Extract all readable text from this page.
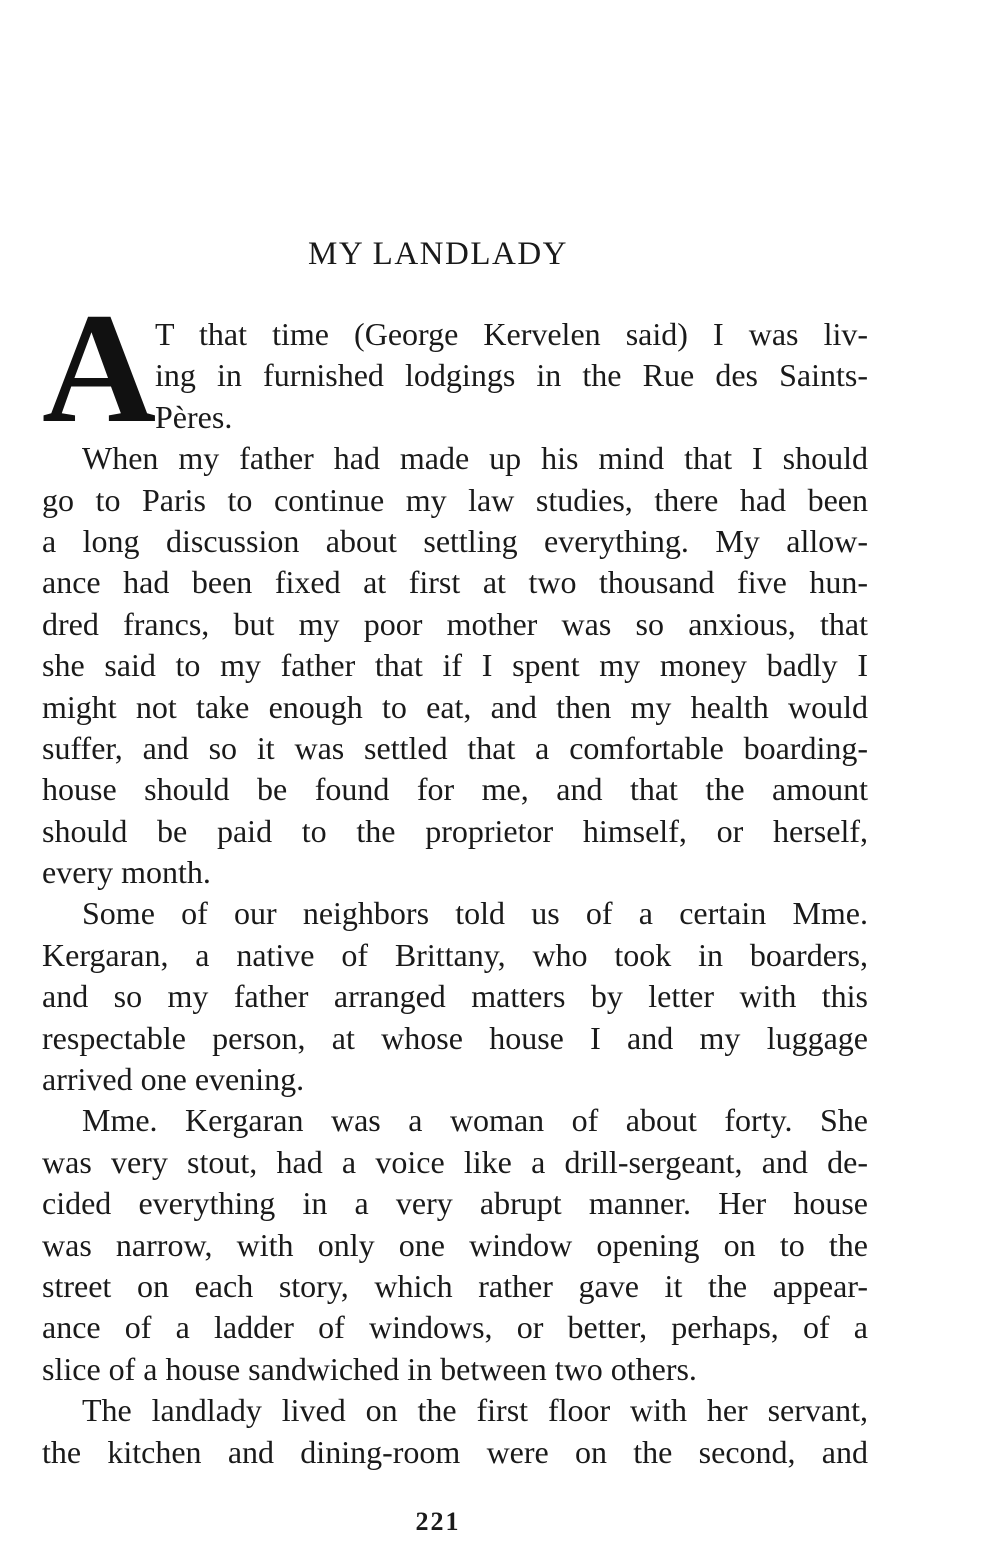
MY LANDLADY
A
T that time (George Kervelen said) I was liv-
ing in furnished lodgings in the Rue des Saints-
Pères.
When my father had made up his mind that I should
go to Paris to continue my law studies, there had been
a long discussion about settling everything. My allow-
ance had been fixed at first at two thousand five hun-
dred francs, but my poor mother was so anxious, that
she said to my father that if I spent my money badly I
might not take enough to eat, and then my health would
suffer, and so it was settled that a comfortable boarding-
house should be found for me, and that the amount
should be paid to the proprietor himself, or herself,
every month.
Some of our neighbors told us of a certain Mme.
Kergaran, a native of Brittany, who took in boarders,
and so my father arranged matters by letter with this
respectable person, at whose house I and my luggage
arrived one evening.
Mme. Kergaran was a woman of about forty. She
was very stout, had a voice like a drill-sergeant, and de-
cided everything in a very abrupt manner. Her house
was narrow, with only one window opening on to the
street on each story, which rather gave it the appear-
ance of a ladder of windows, or better, perhaps, of a
slice of a house sandwiched in between two others.
The landlady lived on the first floor with her servant,
the kitchen and dining-room were on the second, and
221
